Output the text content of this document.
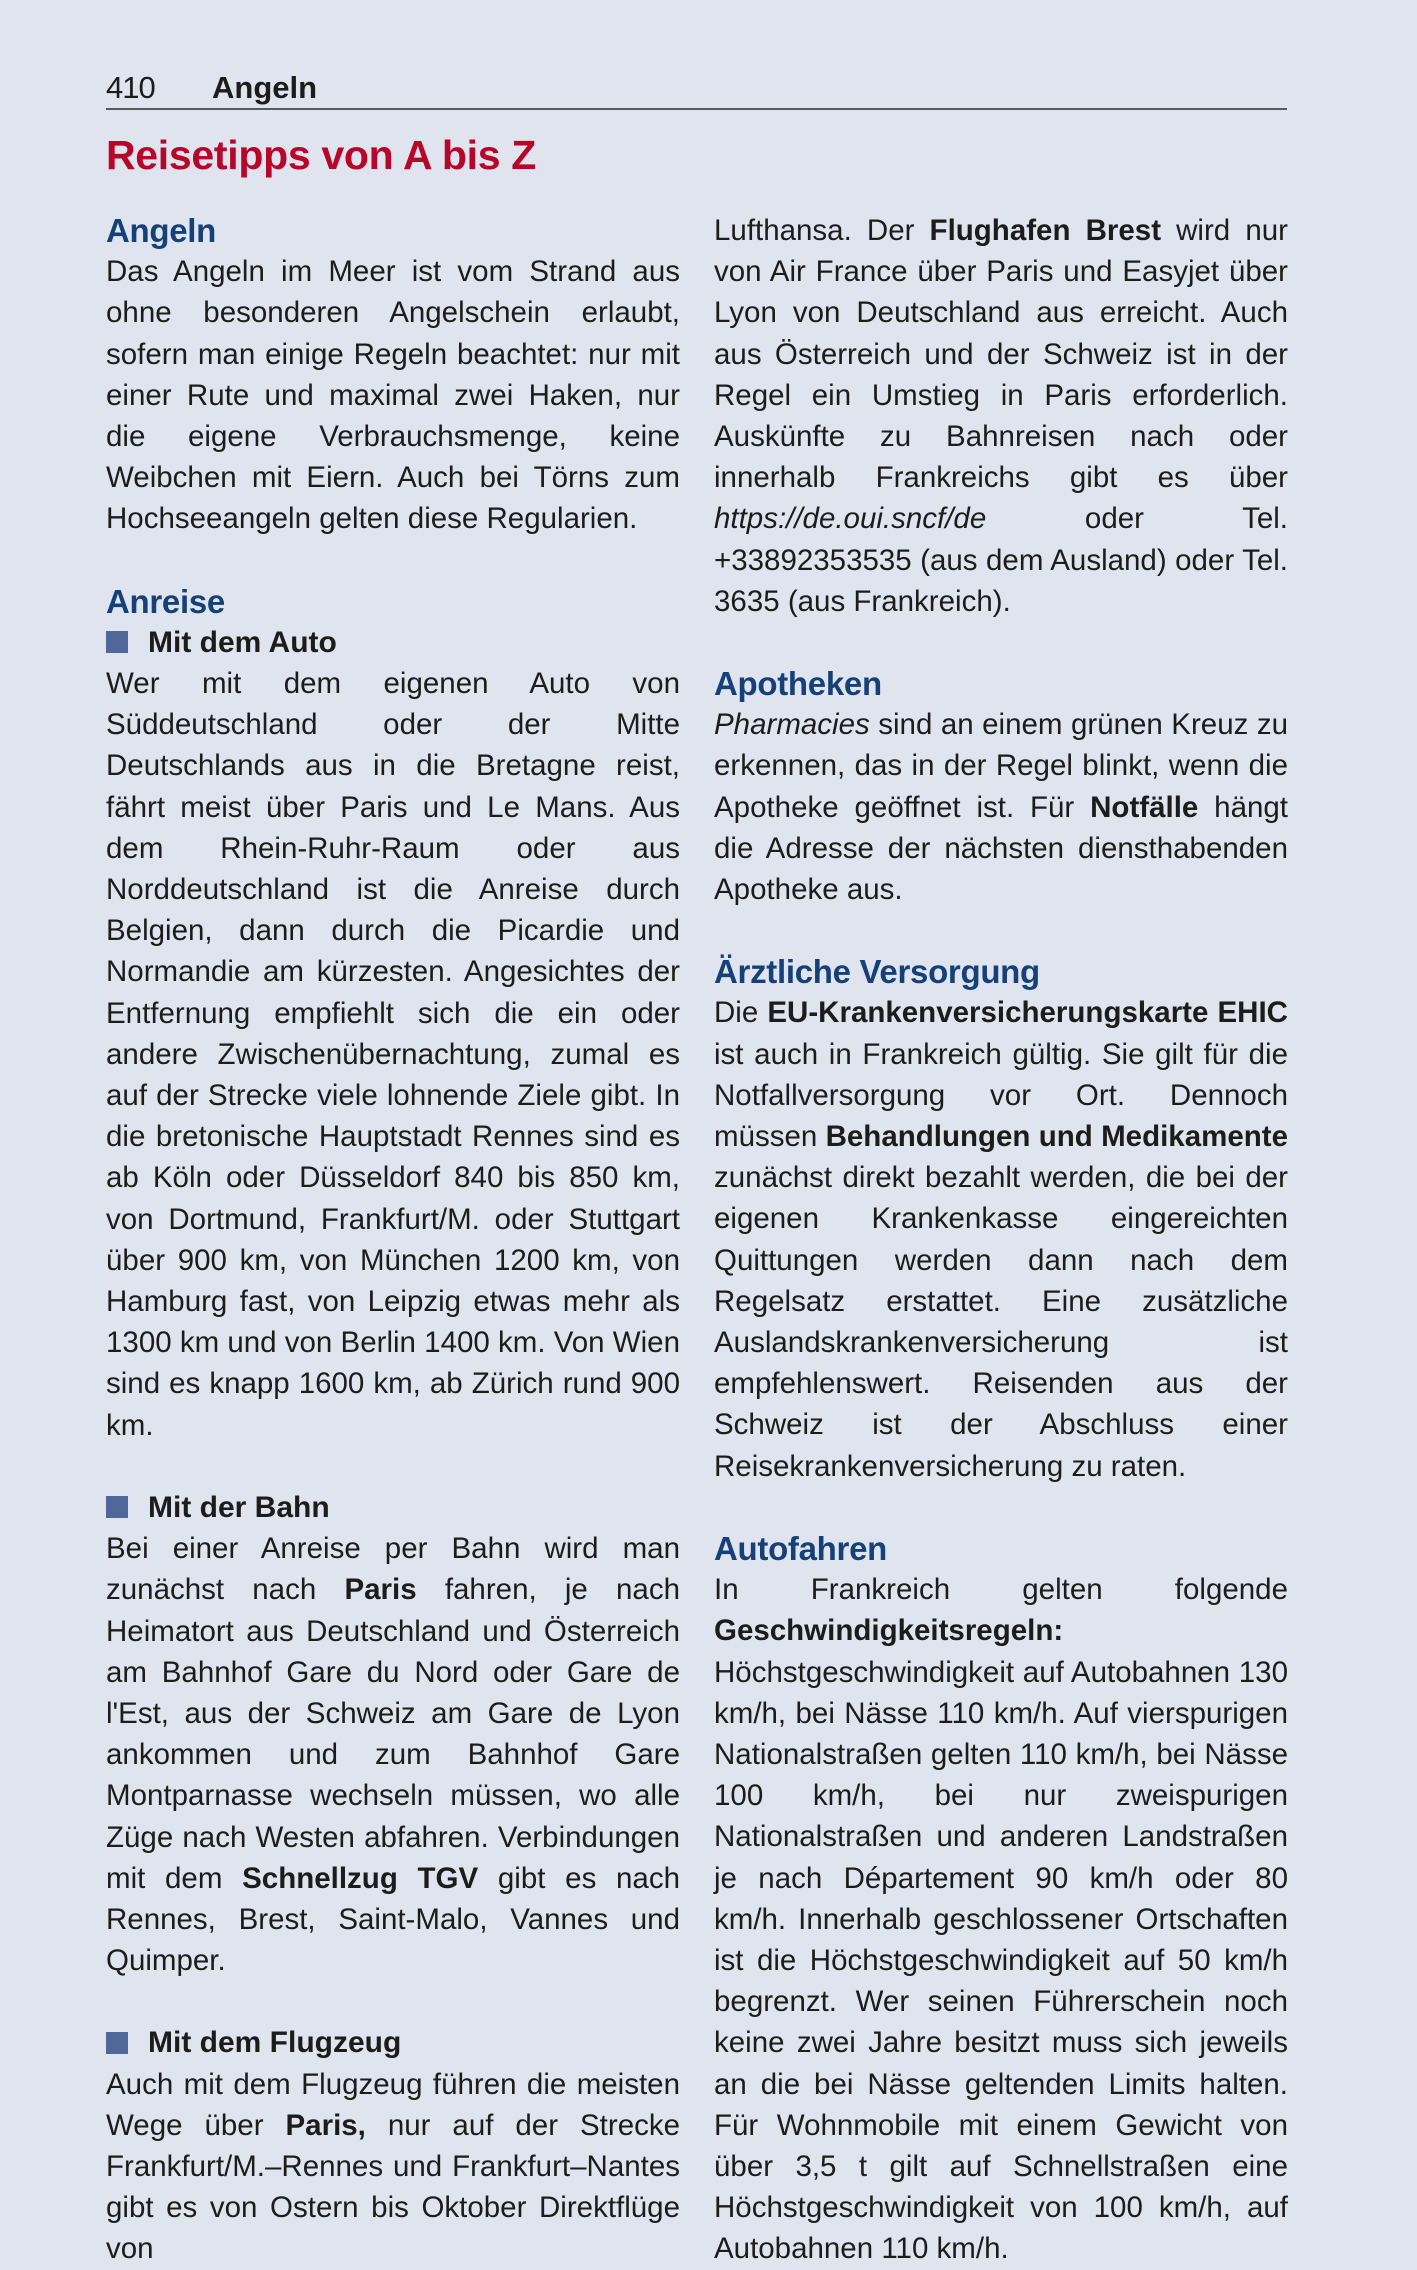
410	Angeln
Reisetipps von A bis Z
Angeln

Das Angeln im Meer ist vom Strand aus ohne besonderen Angelschein erlaubt, sofern man einige Regeln beachtet: nur mit einer Rute und maximal zwei Haken, nur die eigene Verbrauchsmenge, keine Weibchen mit Eiern. Auch bei Törns zum Hochseeangeln gelten diese Regularien.

Anreise
Mit dem Auto

Wer mit dem eigenen Auto von Süddeutschland oder der Mitte Deutschlands aus in die Bretagne reist, fährt meist über Paris und Le Mans. Aus dem Rhein-Ruhr-Raum oder aus Norddeutschland ist die Anreise durch Belgien, dann durch die Picardie und Normandie am kürzesten. Angesichtes der Entfernung empfiehlt sich die ein oder andere Zwischenübernachtung, zumal es auf der Strecke viele lohnende Ziele gibt. In die bretonische Hauptstadt Rennes sind es ab Köln oder Düsseldorf 840 bis 850 km, von Dortmund, Frankfurt/M. oder Stuttgart über 900 km, von München 1200 km, von Hamburg fast, von Leipzig etwas mehr als 1300 km und von Berlin 1400 km. Von Wien sind es knapp 1600 km, ab Zürich rund 900 km.

Mit der Bahn

Bei einer Anreise per Bahn wird man zunächst nach Paris fahren, je nach Heimatort aus Deutschland und Österreich am Bahnhof Gare du Nord oder Gare de l'Est, aus der Schweiz am Gare de Lyon ankommen und zum Bahnhof Gare Montparnasse wechseln müssen, wo alle Züge nach Westen abfahren. Verbindungen mit dem Schnellzug TGV gibt es nach Rennes, Brest, Saint-Malo, Vannes und Quimper.

Mit dem Flugzeug

Auch mit dem Flugzeug führen die meisten Wege über Paris, nur auf der Strecke Frankfurt/M.–Rennes und Frankfurt–Nantes gibt es von Ostern bis Oktober Direktflüge von

Lufthansa. Der Flughafen Brest wird nur von Air France über Paris und Easyjet über Lyon von Deutschland aus erreicht. Auch aus Österreich und der Schweiz ist in der Regel ein Umstieg in Paris erforderlich. Auskünfte zu Bahnreisen nach oder innerhalb Frankreichs gibt es über https://de.oui.sncf/de oder Tel. +33892353535 (aus dem Ausland) oder Tel. 3635 (aus Frankreich).

Apotheken

Pharmacies sind an einem grünen Kreuz zu erkennen, das in der Regel blinkt, wenn die Apotheke geöffnet ist. Für Notfälle hängt die Adresse der nächsten diensthabenden Apotheke aus.

Ärztliche Versorgung

Die EU-Krankenversicherungskarte EHIC ist auch in Frankreich gültig. Sie gilt für die Notfallversorgung vor Ort. Dennoch müssen Behandlungen und Medikamente zunächst direkt bezahlt werden, die bei der eigenen Krankenkasse eingereichten Quittungen werden dann nach dem Regelsatz erstattet. Eine zusätzliche Auslandskrankenversicherung ist empfehlenswert. Reisenden aus der Schweiz ist der Abschluss einer Reisekrankenversicherung zu raten.

Autofahren

In Frankreich gelten folgende Geschwindigkeitsregeln: Höchstgeschwindigkeit auf Autobahnen 130 km/h, bei Nässe 110 km/h. Auf vierspurigen Nationalstraßen gelten 110 km/h, bei Nässe 100 km/h, bei nur zweispurigen Nationalstraßen und anderen Landstraßen je nach Département 90 km/h oder 80 km/h. Innerhalb geschlossener Ortschaften ist die Höchstgeschwindigkeit auf 50 km/h begrenzt. Wer seinen Führerschein noch keine zwei Jahre besitzt muss sich jeweils an die bei Nässe geltenden Limits halten. Für Wohnmobile mit einem Gewicht von über 3,5 t gilt auf Schnellstraßen eine Höchstgeschwindigkeit von 100 km/h, auf Autobahnen 110 km/h.
